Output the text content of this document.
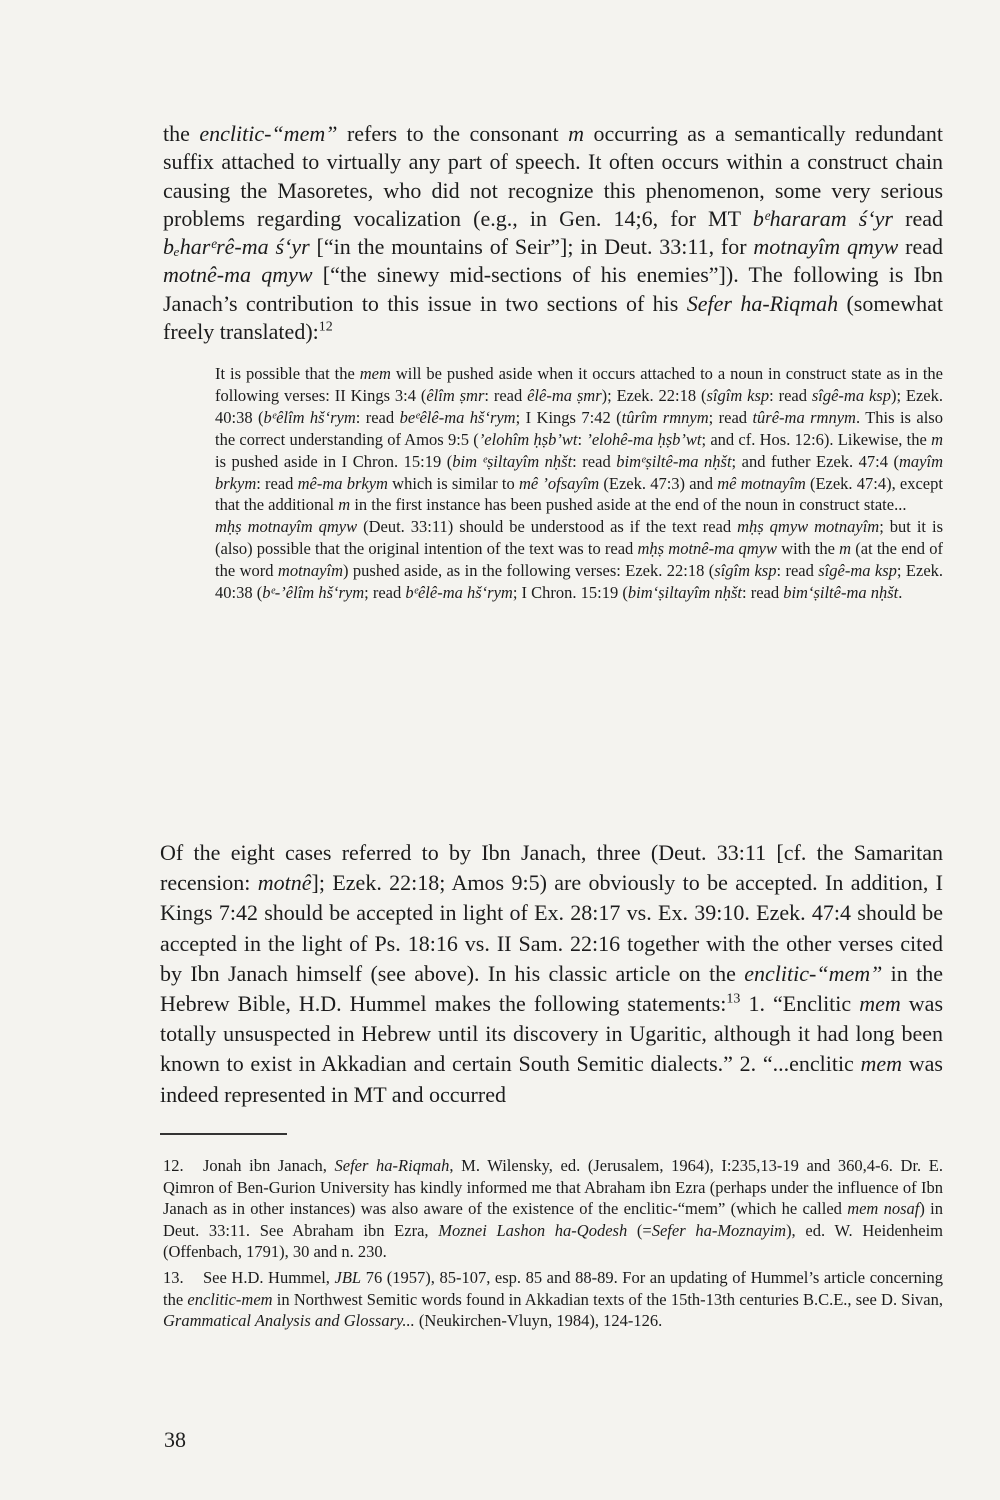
the enclitic-“mem” refers to the consonant m occurring as a semantically redundant suffix attached to virtually any part of speech. It often occurs within a construct chain causing the Masoretes, who did not recognize this phenomenon, some very serious problems regarding vocalization (e.g., in Gen. 14;6, for MT bᵉhararam ś‘yr read bₑharᵉrê-ma ś‘yr [“in the mountains of Seir”]; in Deut. 33:11, for motnayîm qmyw read motnê-ma qmyw [“the sinewy mid-sections of his enemies”]). The following is Ibn Janach’s contribution to this issue in two sections of his Sefer ha-Riqmah (somewhat freely translated):$^{12}$

It is possible that the mem will be pushed aside when it occurs attached to a noun in construct state as in the following verses: II Kings 3:4 (êlîm ṣmr: read êlê-ma ṣmr); Ezek. 22:18 (sîgîm ksp: read sîgê-ma ksp); Ezek. 40:38 (bᵉêlîm hš‘rym: read beᵉêlê-ma hš‘rym; I Kings 7:42 (tûrîm rmnym; read tûrê-ma rmnym. This is also the correct understanding of Amos 9:5 (’elohîm ḥṣb’wt: ’elohê-ma ḥṣb’wt; and cf. Hos. 12:6). Likewise, the m is pushed aside in I Chron. 15:19 (bim ᵉṣiltayîm nḥšt: read bimᵉṣiltê-ma nḥšt; and futher Ezek. 47:4 (mayîm brkym: read mê-ma brkym which is similar to mê ’ofsayîm (Ezek. 47:3) and mê motnayîm (Ezek. 47:4), except that the additional m in the first instance has been pushed aside at the end of the noun in construct state...

mḥṣ motnayîm qmyw (Deut. 33:11) should be understood as if the text read mḥṣ qmyw motnayîm; but it is (also) possible that the original intention of the text was to read mḥṣ motnê-ma qmyw with the m (at the end of the word motnayîm) pushed aside, as in the following verses: Ezek. 22:18 (sîgîm ksp: read sîgê-ma ksp; Ezek. 40:38 (bᵉ-’êlîm hš‘rym; read bᵉêlê-ma hš‘rym; I Chron. 15:19 (bim‘ṣiltayîm nḥšt: read bim‘ṣiltê-ma nḥšt.

Of the eight cases referred to by Ibn Janach, three (Deut. 33:11 [cf. the Samaritan recension: motnê]; Ezek. 22:18; Amos 9:5) are obviously to be accepted. In addition, I Kings 7:42 should be accepted in light of Ex. 28:17 vs. Ex. 39:10. Ezek. 47:4 should be accepted in the light of Ps. 18:16 vs. II Sam. 22:16 together with the other verses cited by Ibn Janach himself (see above). In his classic article on the enclitic-“mem” in the Hebrew Bible, H.D. Hummel makes the following statements:$^{13}$ 1. “Enclitic mem was totally unsuspected in Hebrew until its discovery in Ugaritic, although it had long been known to exist in Akkadian and certain South Semitic dialects.” 2. “...enclitic mem was indeed represented in MT and occurred

12. Jonah ibn Janach, Sefer ha-Riqmah, M. Wilensky, ed. (Jerusalem, 1964), I:235,13-19 and 360,4-6. Dr. E. Qimron of Ben-Gurion University has kindly informed me that Abraham ibn Ezra (perhaps under the influence of Ibn Janach as in other instances) was also aware of the existence of the enclitic-“mem” (which he called mem nosaf) in Deut. 33:11. See Abraham ibn Ezra, Moznei Lashon ha-Qodesh (=Sefer ha-Moznayim), ed. W. Heidenheim (Offenbach, 1791), 30 and n. 230.

13. See H.D. Hummel, JBL 76 (1957), 85-107, esp. 85 and 88-89. For an updating of Hummel’s article concerning the enclitic-mem in Northwest Semitic words found in Akkadian texts of the 15th-13th centuries B.C.E., see D. Sivan, Grammatical Analysis and Glossary... (Neukirchen-Vluyn, 1984), 124-126.

38
